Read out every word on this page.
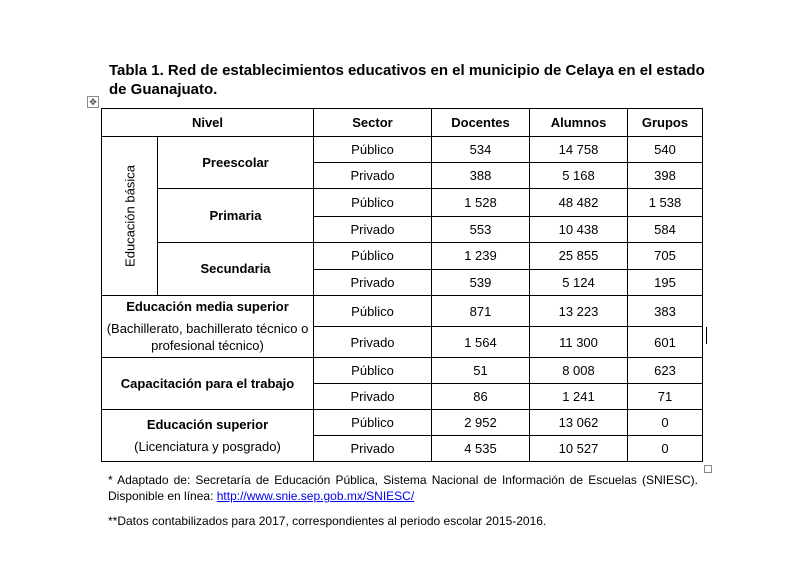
Tabla 1. Red de establecimientos educativos en el municipio de Celaya en el estado de Guanajuato.

✥
Nivel		Sector	Docentes	Alumnos	Grupos

Educación básica	Preescolar	Público	534	14 758	540
		Privado	388	5 168	398
	Primaria	Público	1 528	48 482	1 538
		Privado	553	10 438	584
	Secundaria	Público	1 239	25 855	705
		Privado	539	5 124	195
Educación media superior
(Bachillerato, bachillerato técnico o profesional técnico)		Público	871	13 223	383
		Privado	1 564	11 300	601
Capacitación para el trabajo		Público	51	8 008	623
		Privado	86	1 241	71
Educación superior
(Licenciatura y posgrado)		Público	2 952	13 062	0
		Privado	4 535	10 527	0

* Adaptado de: Secretaría de Educación Pública, Sistema Nacional de Información de Escuelas (SNIESC). Disponible en línea: http://www.snie.sep.gob.mx/SNIESC/

**Datos contabilizados para 2017, correspondientes al periodo escolar 2015-2016.
